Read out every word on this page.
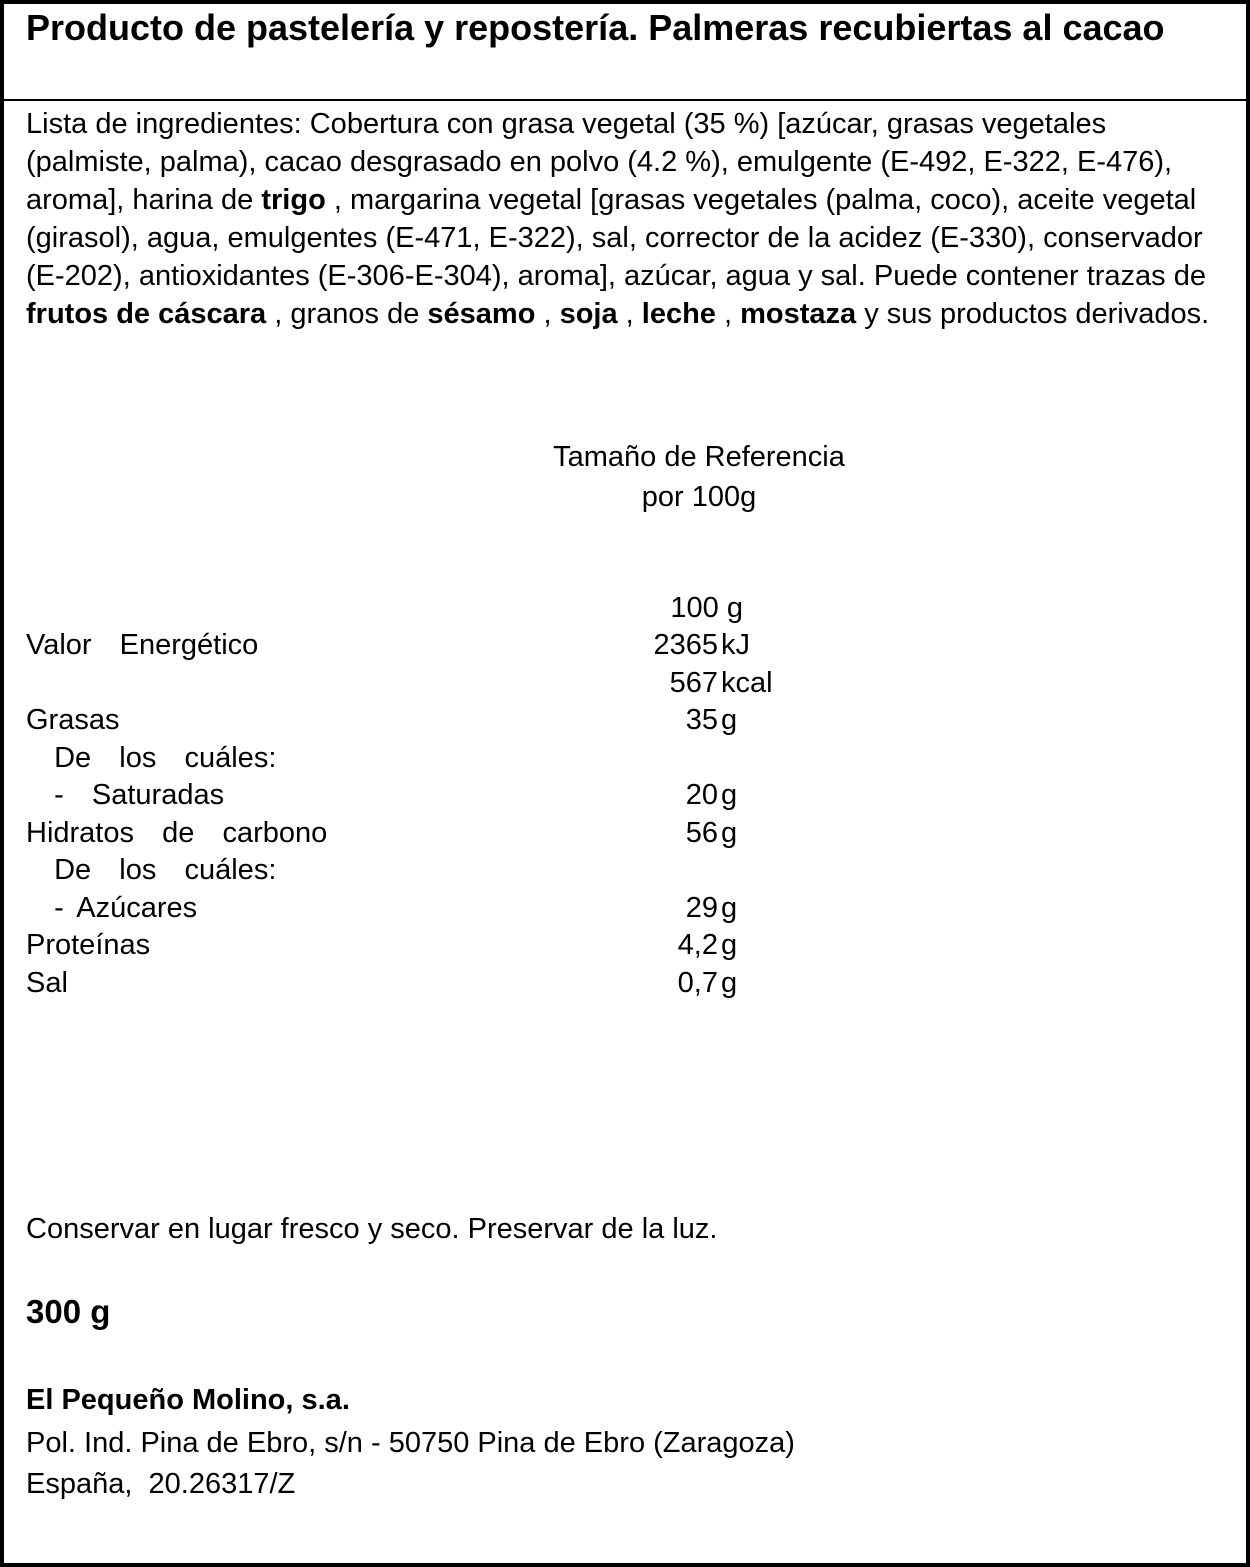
Producto de pastelería y repostería. Palmeras recubiertas al cacao

Lista de ingredientes: Cobertura con grasa vegetal (35 %) [azúcar, grasas vegetales (palmiste, palma), cacao desgrasado en polvo (4.2 %), emulgente (E-492, E-322, E-476), aroma], harina de trigo , margarina vegetal [grasas vegetales (palma, coco), aceite vegetal (girasol), agua, emulgentes (E-471, E-322), sal, corrector de la acidez (E-330), conservador (E-202), antioxidantes (E-306-E-304), aroma], azúcar, agua y sal. Puede contener trazas de frutos de cáscara , granos de sésamo , soja , leche , mostaza y sus productos derivados.

Tamaño de Referencia
por 100g
100 g
Valor  Energético	2365 kJ
567 kcal
Grasas	35 g
De  los  cuáles:
-  Saturadas	20 g
Hidratos  de  carbono	56 g
De  los  cuáles:
- Azúcares	29 g
Proteínas	4,2 g
Sal	0,7 g
Conservar en lugar fresco y seco. Preservar de la luz.
300 g
El Pequeño Molino, s.a.
Pol. Ind. Pina de Ebro, s/n - 50750 Pina de Ebro (Zaragoza)
España,  20.26317/Z
